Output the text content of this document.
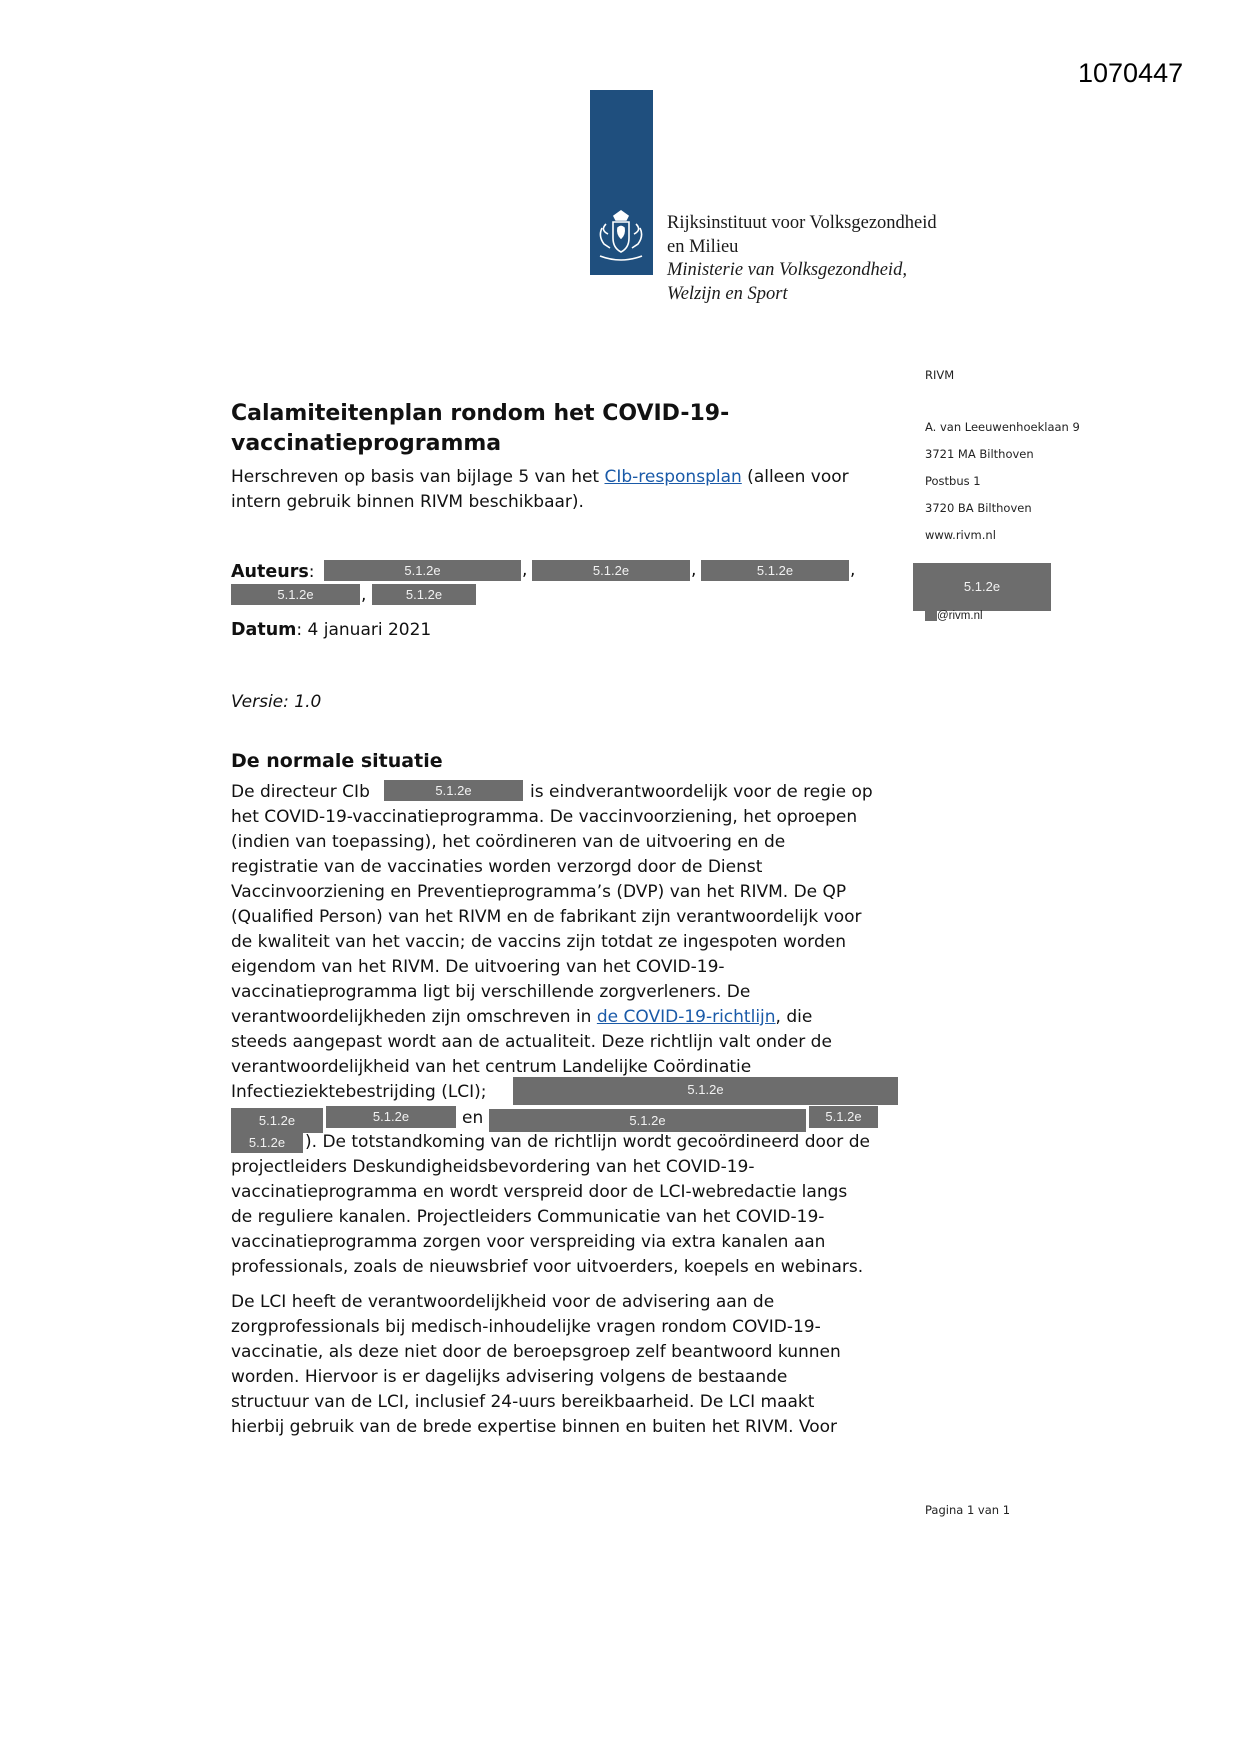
1070447
Rijksinstituut voor Volksgezondheid
en Milieu
Ministerie van Volksgezondheid,
Welzijn en Sport
RIVM
A. van Leeuwenhoeklaan 9
3721 MA Bilthoven
Postbus 1
3720 BA Bilthoven
www.rivm.nl
5.1.2e
@rivm.nl
Calamiteitenplan rondom het COVID-19-vaccinatieprogramma
Herschreven op basis van bijlage 5 van het CIb-responsplan (alleen voor intern gebruik binnen RIVM beschikbaar).
Auteurs:	5.1.2e	,	5.1.2e	,	5.1.2e	,
5.1.2e	,	5.1.2e
Datum: 4 januari 2021
Versie: 1.0
De normale situatie
De directeur CIb	5.1.2e	is eindverantwoordelijk voor de regie op
het COVID-19-vaccinatieprogramma. De vaccinvoorziening, het oproepen
(indien van toepassing), het coördineren van de uitvoering en de
registratie van de vaccinaties worden verzorgd door de Dienst
Vaccinvoorziening en Preventieprogramma’s (DVP) van het RIVM. De QP
(Qualified Person) van het RIVM en de fabrikant zijn verantwoordelijk voor
de kwaliteit van het vaccin; de vaccins zijn totdat ze ingespoten worden
eigendom van het RIVM. De uitvoering van het COVID-19-
vaccinatieprogramma ligt bij verschillende zorgverleners. De
verantwoordelijkheden zijn omschreven in de COVID-19-richtlijn, die
steeds aangepast wordt aan de actualiteit. Deze richtlijn valt onder de
verantwoordelijkheid van het centrum Landelijke Coördinatie
Infectieziektebestrijding (LCI);	5.1.2e
5.1.2e	5.1.2e	en	5.1.2e	5.1.2e
5.1.2e	). De totstandkoming van de richtlijn wordt gecoördineerd door de
projectleiders Deskundigheidsbevordering van het COVID-19-
vaccinatieprogramma en wordt verspreid door de LCI-webredactie langs
de reguliere kanalen. Projectleiders Communicatie van het COVID-19-
vaccinatieprogramma zorgen voor verspreiding via extra kanalen aan
professionals, zoals de nieuwsbrief voor uitvoerders, koepels en webinars.
De LCI heeft de verantwoordelijkheid voor de advisering aan de
zorgprofessionals bij medisch-inhoudelijke vragen rondom COVID-19-
vaccinatie, als deze niet door de beroepsgroep zelf beantwoord kunnen
worden. Hiervoor is er dagelijks advisering volgens de bestaande
structuur van de LCI, inclusief 24-uurs bereikbaarheid. De LCI maakt
hierbij gebruik van de brede expertise binnen en buiten het RIVM. Voor
Pagina 1 van 1
